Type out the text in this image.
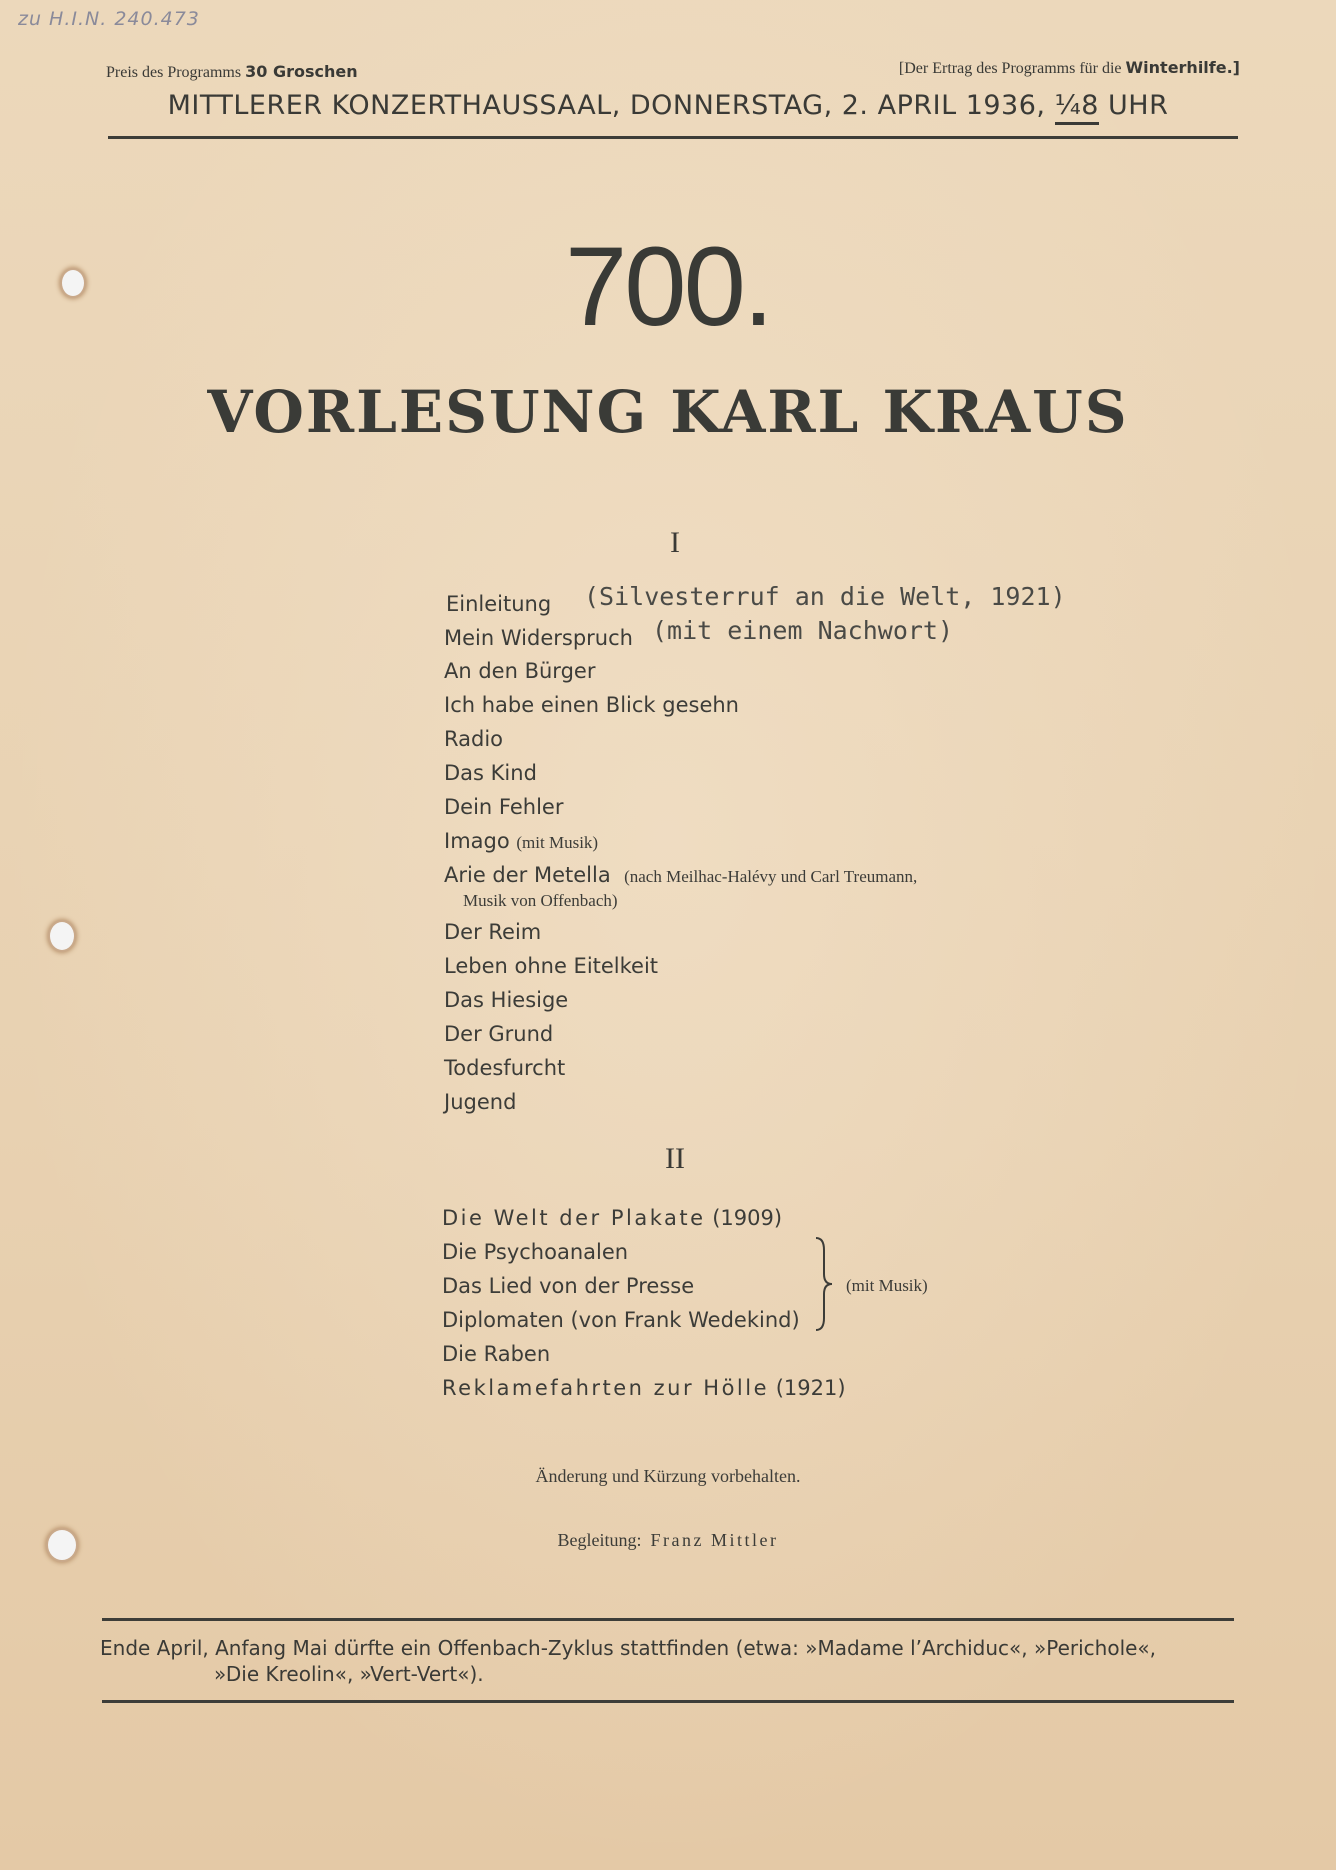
zu H.I.N. 240.473
Preis des Programms 30 Groschen	[Der Ertrag des Programms für die Winterhilfe.]
MITTLERER KONZERTHAUSSAAL, DONNERSTAG, 2. APRIL 1936, ¼8 UHR
700.
VORLESUNG KARL KRAUS
I
Einleitung (Silvesterruf an die Welt, 1921)
Mein Widerspruch (mit einem Nachwort)
An den Bürger
Ich habe einen Blick gesehn
Radio
Das Kind
Dein Fehler
Imago (mit Musik)
Arie der Metella (nach Meilhac-Halévy und Carl Treumann,
Musik von Offenbach)
Der Reim
Leben ohne Eitelkeit
Das Hiesige
Der Grund
Todesfurcht
Jugend
II
Die Welt der Plakate (1909)
Die Psychoanalen
Das Lied von der Presse
Diplomaten (von Frank Wedekind)
Die Raben
Reklamefahrten zur Hölle (1921)
(mit Musik)
Änderung und Kürzung vorbehalten.
Begleitung: Franz Mittler
Ende April, Anfang Mai dürfte ein Offenbach-Zyklus stattfinden (etwa: »Madame l’Archiduc«, »Perichole«,
»Die Kreolin«, »Vert-Vert«).
